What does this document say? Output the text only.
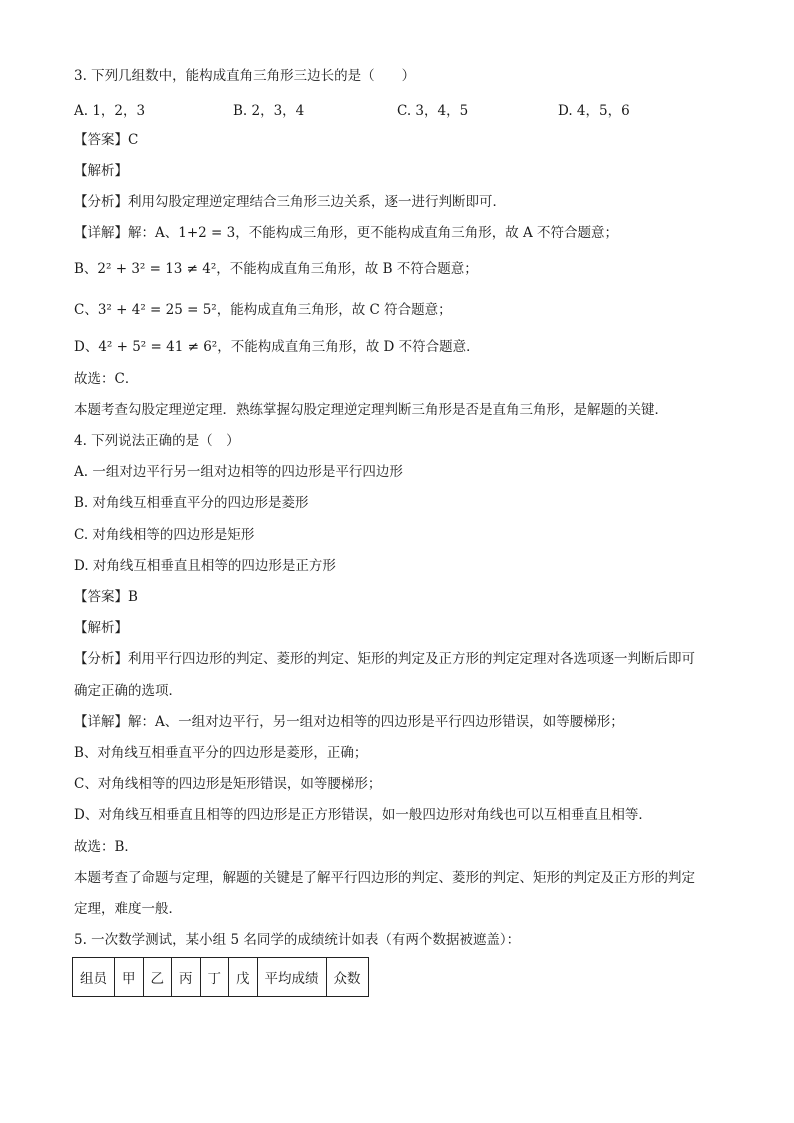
3. 下列几组数中，能构成直角三角形三边长的是（　　）
A. 1，2，3	B. 2，3，4	C. 3，4，5	D. 4，5，6
【答案】C
【解析】
【分析】利用勾股定理逆定理结合三角形三边关系，逐一进行判断即可．
【详解】解：A、1+2 = 3，不能构成三角形，更不能构成直角三角形，故 A 不符合题意；
B、2² + 3² = 13 ≠ 4²，不能构成直角三角形，故 B 不符合题意；
C、3² + 4² = 25 = 5²，能构成直角三角形，故 C 符合题意；
D、4² + 5² = 41 ≠ 6²，不能构成直角三角形，故 D 不符合题意．
故选：C．
本题考查勾股定理逆定理．熟练掌握勾股定理逆定理判断三角形是否是直角三角形，是解题的关键．
4. 下列说法正确的是（　）
A. 一组对边平行另一组对边相等的四边形是平行四边形
B. 对角线互相垂直平分的四边形是菱形
C. 对角线相等的四边形是矩形
D. 对角线互相垂直且相等的四边形是正方形
【答案】B
【解析】
【分析】利用平行四边形的判定、菱形的判定、矩形的判定及正方形的判定定理对各选项逐一判断后即可
确定正确的选项．
【详解】解：A、一组对边平行，另一组对边相等的四边形是平行四边形错误，如等腰梯形；
B、对角线互相垂直平分的四边形是菱形，正确；
C、对角线相等的四边形是矩形错误，如等腰梯形；
D、对角线互相垂直且相等的四边形是正方形错误，如一般四边形对角线也可以互相垂直且相等．
故选：B．
本题考查了命题与定理，解题的关键是了解平行四边形的判定、菱形的判定、矩形的判定及正方形的判定
定理，难度一般．
5. 一次数学测试，某小组 5 名同学的成绩统计如表（有两个数据被遮盖）：
组员	甲	乙	丙	丁	戊	平均成绩	众数
